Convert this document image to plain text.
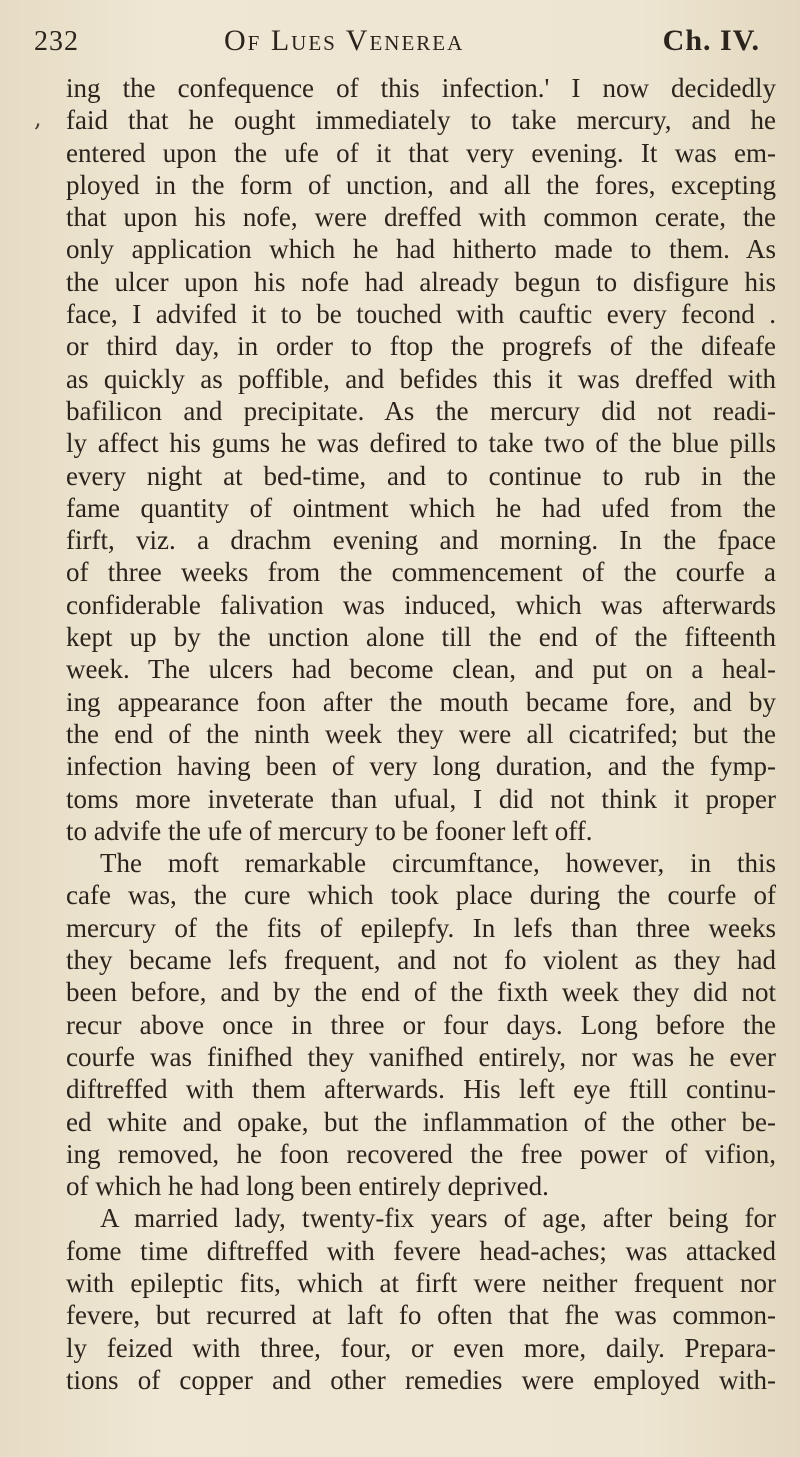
232	Of Lues Venerea	Ch. IV.
,
ing the confequence of this infection.' I now decidedly
faid that he ought immediately to take mercury, and he
entered upon the ufe of it that very evening. It was em-
ployed in the form of unction, and all the fores, excepting
that upon his nofe, were dreffed with common cerate, the
only application which he had hitherto made to them. As
the ulcer upon his nofe had already begun to disfigure his
face, I advifed it to be touched with cauftic every fecond .
or third day, in order to ftop the progrefs of the difeafe
as quickly as poffible, and befides this it was dreffed with
bafilicon and precipitate. As the mercury did not readi-
ly affect his gums he was defired to take two of the blue pills
every night at bed-time, and to continue to rub in the
fame quantity of ointment which he had ufed from the
firft, viz. a drachm evening and morning. In the fpace
of three weeks from the commencement of the courfe a
confiderable falivation was induced, which was afterwards
kept up by the unction alone till the end of the fifteenth
week. The ulcers had become clean, and put on a heal-
ing appearance foon after the mouth became fore, and by
the end of the ninth week they were all cicatrifed; but the
infection having been of very long duration, and the fymp-
toms more inveterate than ufual, I did not think it proper
to advife the ufe of mercury to be fooner left off.
The moft remarkable circumftance, however, in this
cafe was, the cure which took place during the courfe of
mercury of the fits of epilepfy. In lefs than three weeks
they became lefs frequent, and not fo violent as they had
been before, and by the end of the fixth week they did not
recur above once in three or four days. Long before the
courfe was finifhed they vanifhed entirely, nor was he ever
diftreffed with them afterwards. His left eye ftill continu-
ed white and opake, but the inflammation of the other be-
ing removed, he foon recovered the free power of vifion,
of which he had long been entirely deprived.
A married lady, twenty-fix years of age, after being for
fome time diftreffed with fevere head-aches; was attacked
with epileptic fits, which at firft were neither frequent nor
fevere, but recurred at laft fo often that fhe was common-
ly feized with three, four, or even more, daily. Prepara-
tions of copper and other remedies were employed with-
